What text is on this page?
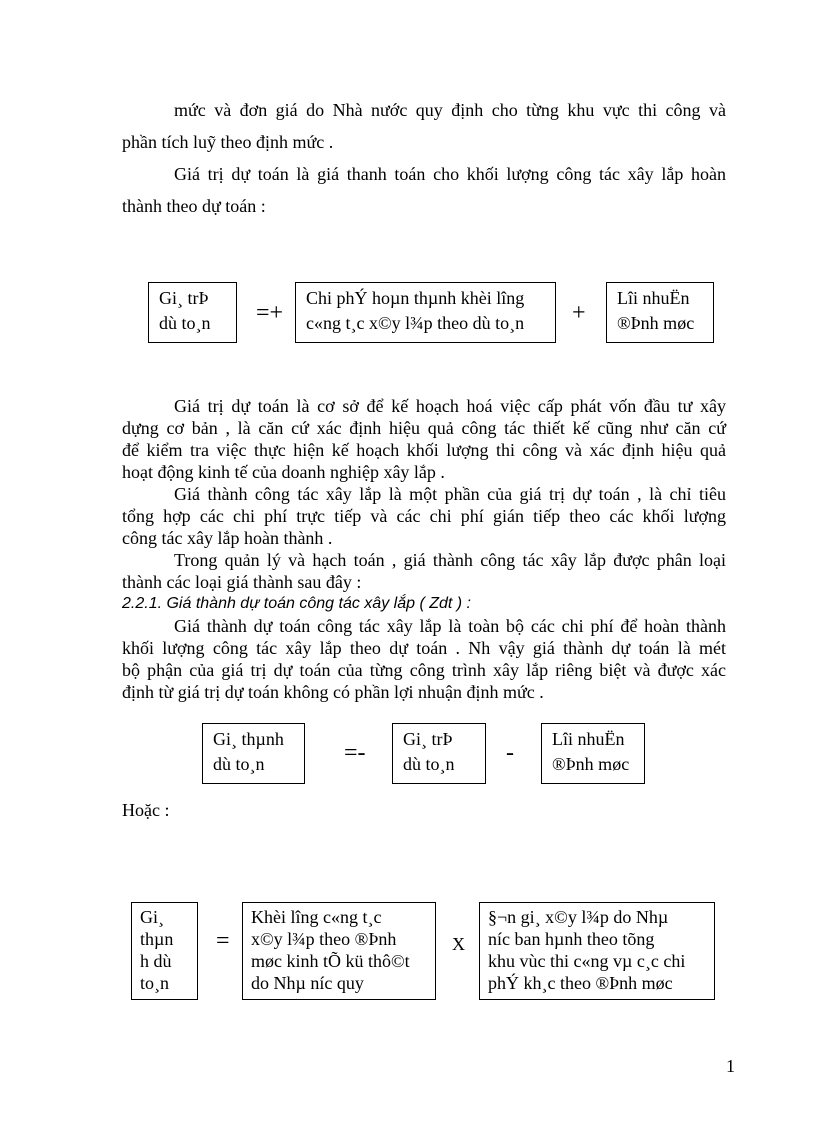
mức và đơn giá do Nhà nước quy định cho từng khu vực thi công và
phần tích luỹ theo định mức .
Giá trị dự toán là giá thanh toán cho khối lượng công tác xây lắp hoàn
thành theo dự toán :
Gi¸ trÞ
dù to¸n	=+
Chi phÝ hoµn thµnh khèi lîng
c«ng t¸c x©y l¾p theo dù to¸n	+
Lîi nhuËn
®Þnh møc
Giá trị dự toán là cơ sở để kế hoạch hoá việc cấp phát vốn đầu tư xây
dựng cơ bản , là căn cứ xác định hiệu quả công tác thiết kế cũng như căn cứ
để kiểm tra việc thực hiện kế hoạch khối lượng thi công và xác định hiệu quả
hoạt động kinh tế của doanh nghiệp xây lắp .
Giá thành công tác xây lắp là một phần của giá trị dự toán , là chỉ tiêu
tổng hợp các chi phí trực tiếp và các chi phí gián tiếp theo các khối lượng
công tác xây lắp hoàn thành .
Trong quản lý và hạch toán , giá thành công tác xây lắp được phân loại
thành các loại giá thành sau đây :
2.2.1. Giá thành dự toán công tác xây lắp ( Zdt ) :
Giá thành dự toán công tác xây lắp là toàn bộ các chi phí để hoàn thành
khối lượng công tác xây lắp theo dự toán . Nh vậy giá thành dự toán là mét
bộ phận của giá trị dự toán của từng công trình xây lắp riêng biệt và được xác
định từ giá trị dự toán không có phần lợi nhuận định mức .
Gi¸ thµnh
dù to¸n	=-
Gi¸ trÞ
dù to¸n	-
Lîi nhuËn
®Þnh møc
Hoặc :
Gi¸
thµn
h dù
to¸n
=
Khèi lîng c«ng t¸c
x©y l¾p theo ®Þnh
møc kinh tÕ kü thô©t
do Nhµ níc quy
X
§¬n gi¸ x©y l¾p do Nhµ
níc ban hµnh theo tõng
khu vùc thi c«ng vµ c¸c chi
phÝ kh¸c theo ®Þnh møc
1
